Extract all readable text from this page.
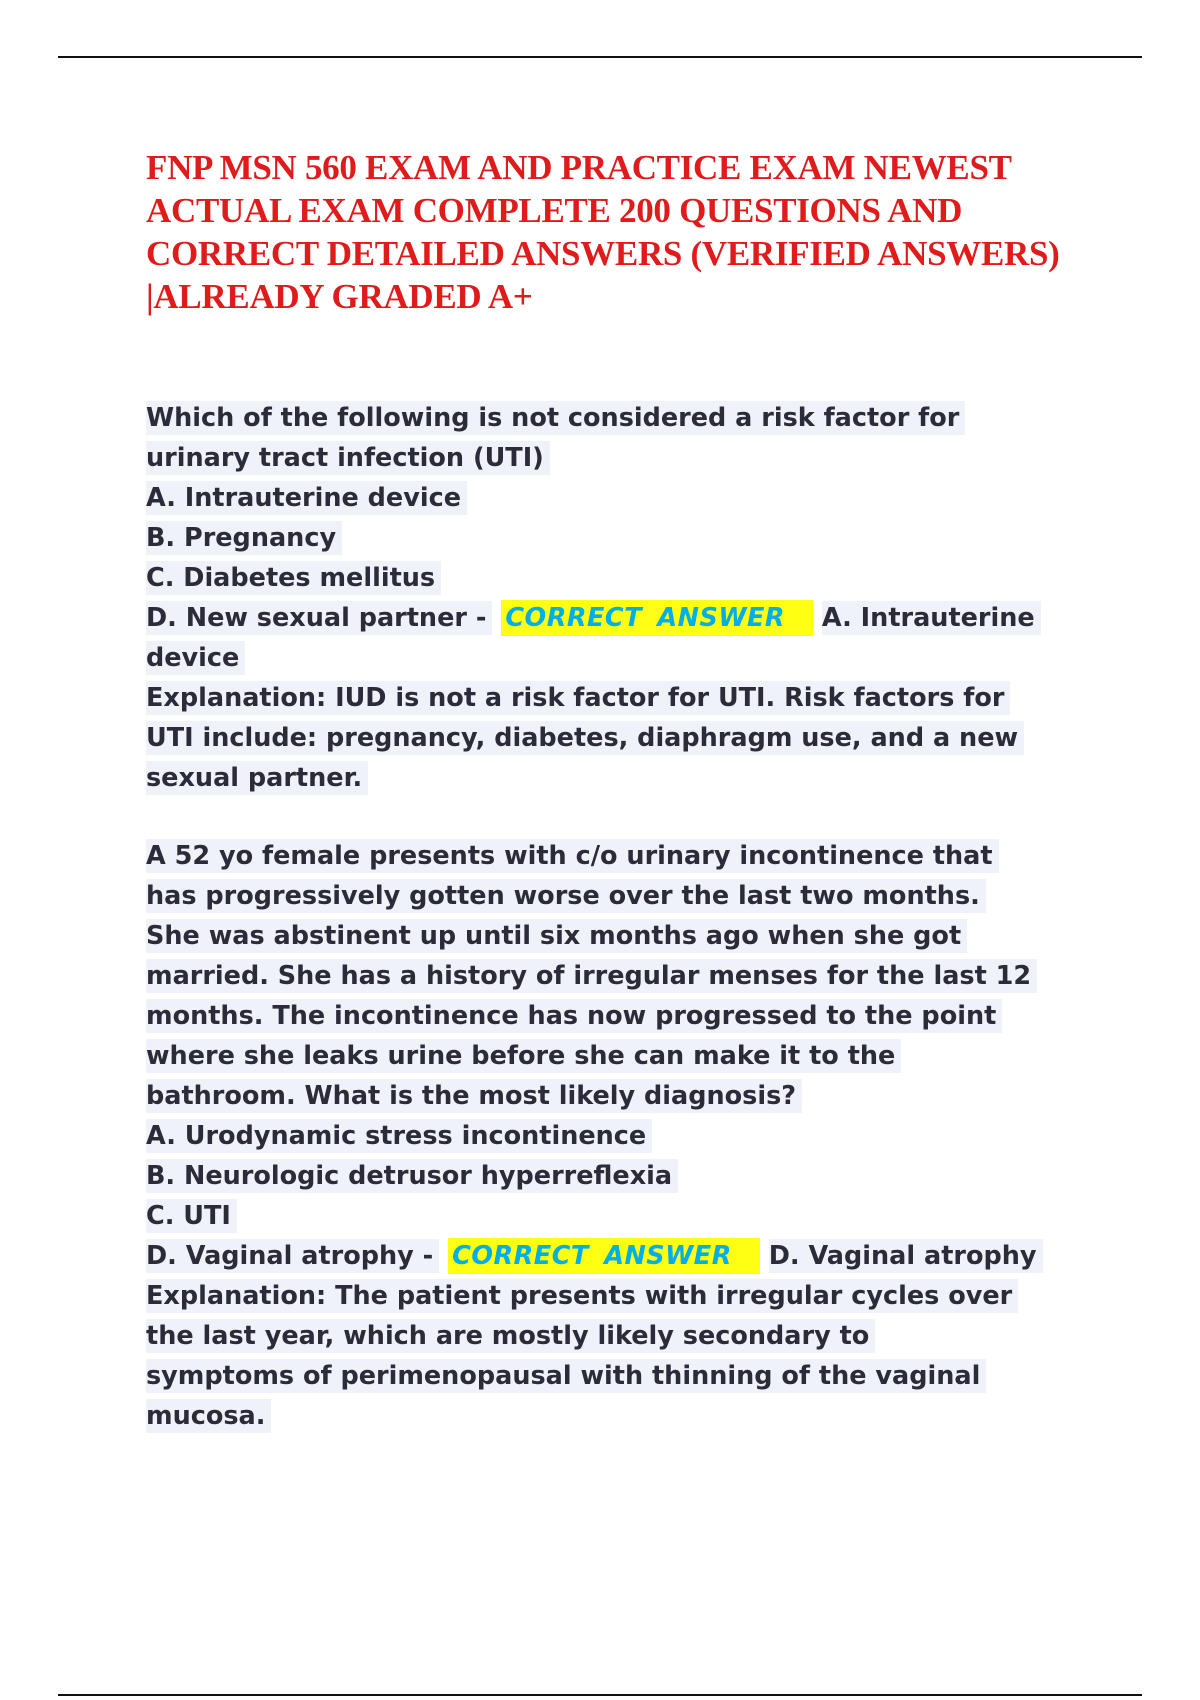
FNP MSN 560 EXAM AND PRACTICE EXAM NEWEST ACTUAL EXAM COMPLETE 200 QUESTIONS AND CORRECT DETAILED ANSWERS (VERIFIED ANSWERS) |ALREADY GRADED A+
Which of the following is not considered a risk factor for
urinary tract infection (UTI)
A. Intrauterine device
B. Pregnancy
C. Diabetes mellitus
D. New sexual partner - CORRECT ANSWER A. Intrauterine
device
Explanation: IUD is not a risk factor for UTI. Risk factors for
UTI include: pregnancy, diabetes, diaphragm use, and a new
sexual partner.
A 52 yo female presents with c/o urinary incontinence that
has progressively gotten worse over the last two months.
She was abstinent up until six months ago when she got
married. She has a history of irregular menses for the last 12
months. The incontinence has now progressed to the point
where she leaks urine before she can make it to the
bathroom. What is the most likely diagnosis?
A. Urodynamic stress incontinence
B. Neurologic detrusor hyperreflexia
C. UTI
D. Vaginal atrophy - CORRECT ANSWER D. Vaginal atrophy
Explanation: The patient presents with irregular cycles over
the last year, which are mostly likely secondary to
symptoms of perimenopausal with thinning of the vaginal
mucosa.
